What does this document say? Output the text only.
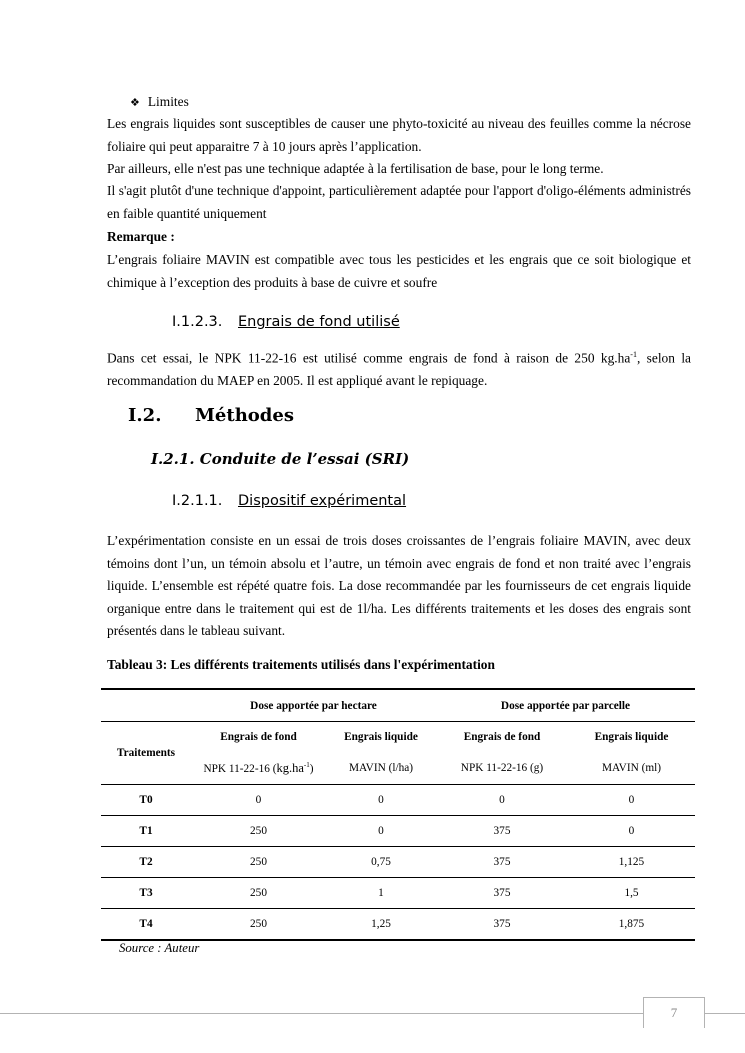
❖ Limites

Les engrais liquides sont susceptibles de causer une phyto-toxicité au niveau des feuilles comme la nécrose foliaire qui peut apparaitre 7 à 10 jours après l’application.

Par ailleurs, elle n'est pas une technique adaptée à la fertilisation de base, pour le long terme.

Il s'agit plutôt d'une technique d'appoint, particulièrement adaptée pour l'apport d'oligo-éléments administrés en faible quantité uniquement

Remarque :

L’engrais foliaire MAVIN est compatible avec tous les pesticides et les engrais que ce soit biologique et chimique à l’exception des produits à base de cuivre et soufre

I.1.2.3. Engrais de fond utilisé

Dans cet essai, le NPK 11-22-16 est utilisé comme engrais de fond à raison de 250 $kg.ha^{-1}$, selon la recommandation du MAEP en 2005. Il est appliqué avant le repiquage.

I.2. Méthodes
I.2.1. Conduite de l’essai (SRI)
I.2.1.1. Dispositif expérimental

L’expérimentation consiste en un essai de trois doses croissantes de l’engrais foliaire MAVIN, avec deux témoins dont l’un, un témoin absolu et l’autre, un témoin avec engrais de fond et non traité avec l’engrais liquide. L’ensemble est répété quatre fois. La dose recommandée par les fournisseurs de cet engrais liquide organique entre dans le traitement qui est de 1l/ha. Les différents traitements et les doses des engrais sont présentés dans le tableau suivant.

Tableau 3: Les différents traitements utilisés dans l'expérimentation
	Dose apportée par hectare		Dose apportée par parcelle	
Traitements	Engrais de fond	Engrais liquide	Engrais de fond	Engrais liquide
	NPK 11-22-16 $(kg.ha^{-1})$	MAVIN (l/ha)	NPK 11-22-16 (g)	MAVIN (ml)
T0	0	0	0	0
T1	250	0	375	0
T2	250	0,75	375	1,125
T3	250	1	375	1,5
T4	250	1,25	375	1,875
Source : Auteur
7
